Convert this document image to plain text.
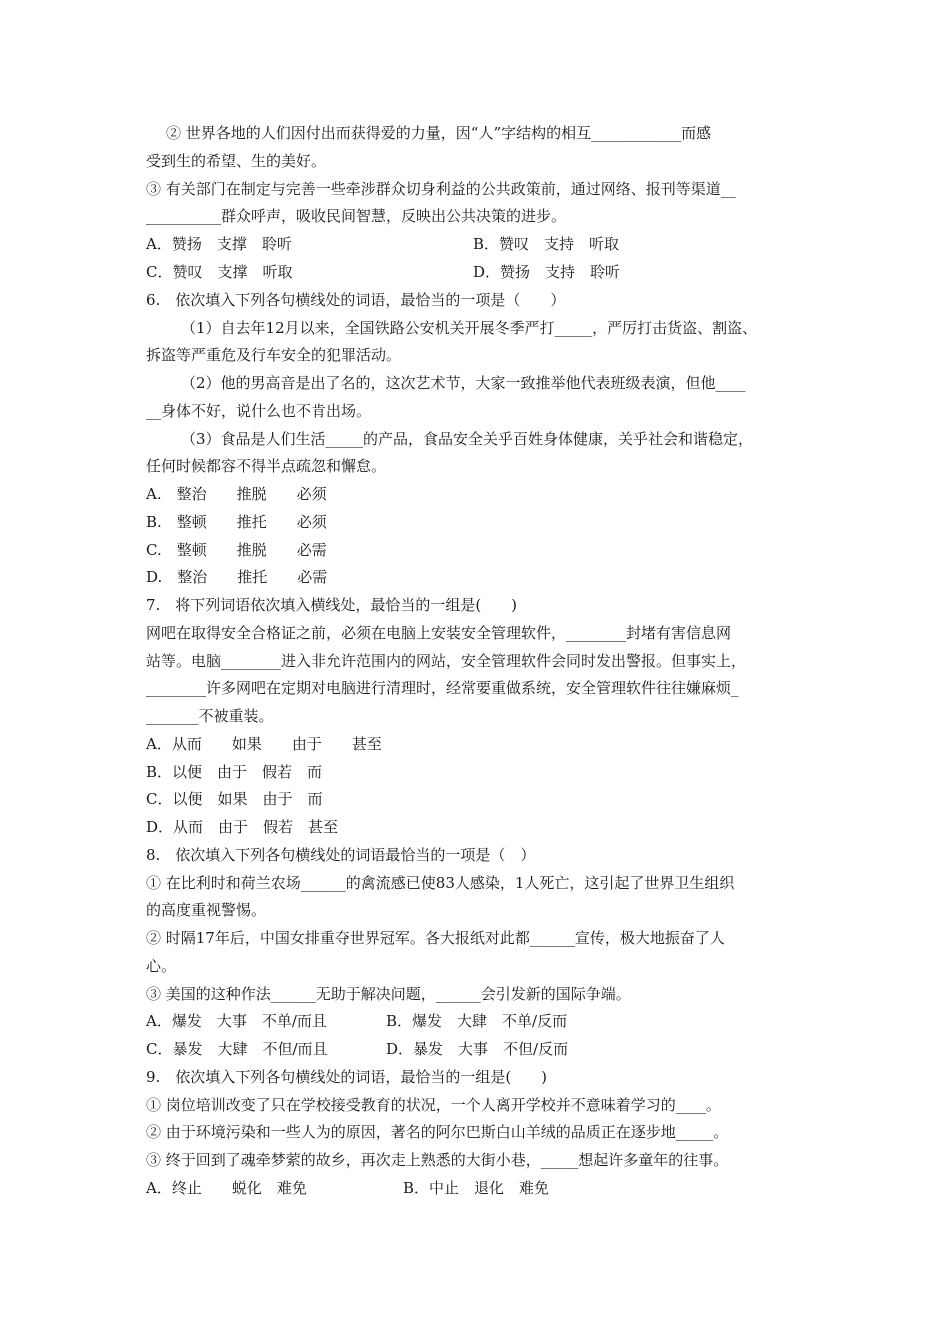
② 世界各地的人们因付出而获得爱的力量，因“人”字结构的相互____________而感
受到生的希望、生的美好。
③ 有关部门在制定与完善一些牵涉群众切身利益的公共政策前，通过网络、报刊等渠道__
__________群众呼声，吸收民间智慧，反映出公共决策的进步。
A．赞扬　支撑　聆听	B．赞叹　支持　听取
C．赞叹　支撑　听取	D．赞扬　支持　聆听
6.　依次填入下列各句横线处的词语，最恰当的一项是（　　）
（1）自去年12月以来，全国铁路公安机关开展冬季严打_____，严厉打击货盗、割盗、
拆盗等严重危及行车安全的犯罪活动。
（2）他的男高音是出了名的，这次艺术节，大家一致推举他代表班级表演，但他____
__身体不好，说什么也不肯出场。
（3）食品是人们生活_____的产品，食品安全关乎百姓身体健康，关乎社会和谐稳定，
任何时候都容不得半点疏忽和懈怠。
A.　整治　　推脱　　必须
B.　整顿　　推托　　必须
C.　整顿　　推脱　　必需
D.　整治　　推托　　必需
7.　将下列词语依次填入横线处，最恰当的一组是(　　)
网吧在取得安全合格证之前，必须在电脑上安装安全管理软件，________封堵有害信息网
站等。电脑________进入非允许范围内的网站，安全管理软件会同时发出警报。但事实上，
________许多网吧在定期对电脑进行清理时，经常要重做系统，安全管理软件往往嫌麻烦_
_______不被重装。
A．从而　　如果　　由于　　甚至
B．以便　由于　假若　而
C．以便　如果　由于　而
D．从而　由于　假若　甚至
8.　依次填入下列各句横线处的词语最恰当的一项是（　）
① 在比利时和荷兰农场______的禽流感已使83人感染，1人死亡，这引起了世界卫生组织
的高度重视警惕。
② 时隔17年后，中国女排重夺世界冠军。各大报纸对此都______宣传，极大地振奋了人
心。
③ 美国的这种作法______无助于解决问题，______会引发新的国际争端。
A．爆发　大事　不单/而且	B．爆发　大肆　不单/反而
C．暴发　大肆　不但/而且	D．暴发　大事　不但/反而
9.　依次填入下列各句横线处的词语，最恰当的一组是(　　)
① 岗位培训改变了只在学校接受教育的状况，一个人离开学校并不意味着学习的____。
② 由于环境污染和一些人为的原因，著名的阿尔巴斯白山羊绒的品质正在逐步地_____。
③ 终于回到了魂牵梦萦的故乡，再次走上熟悉的大街小巷，_____想起许多童年的往事。
A．终止　　蜕化　难免	B．中止　退化　难免
